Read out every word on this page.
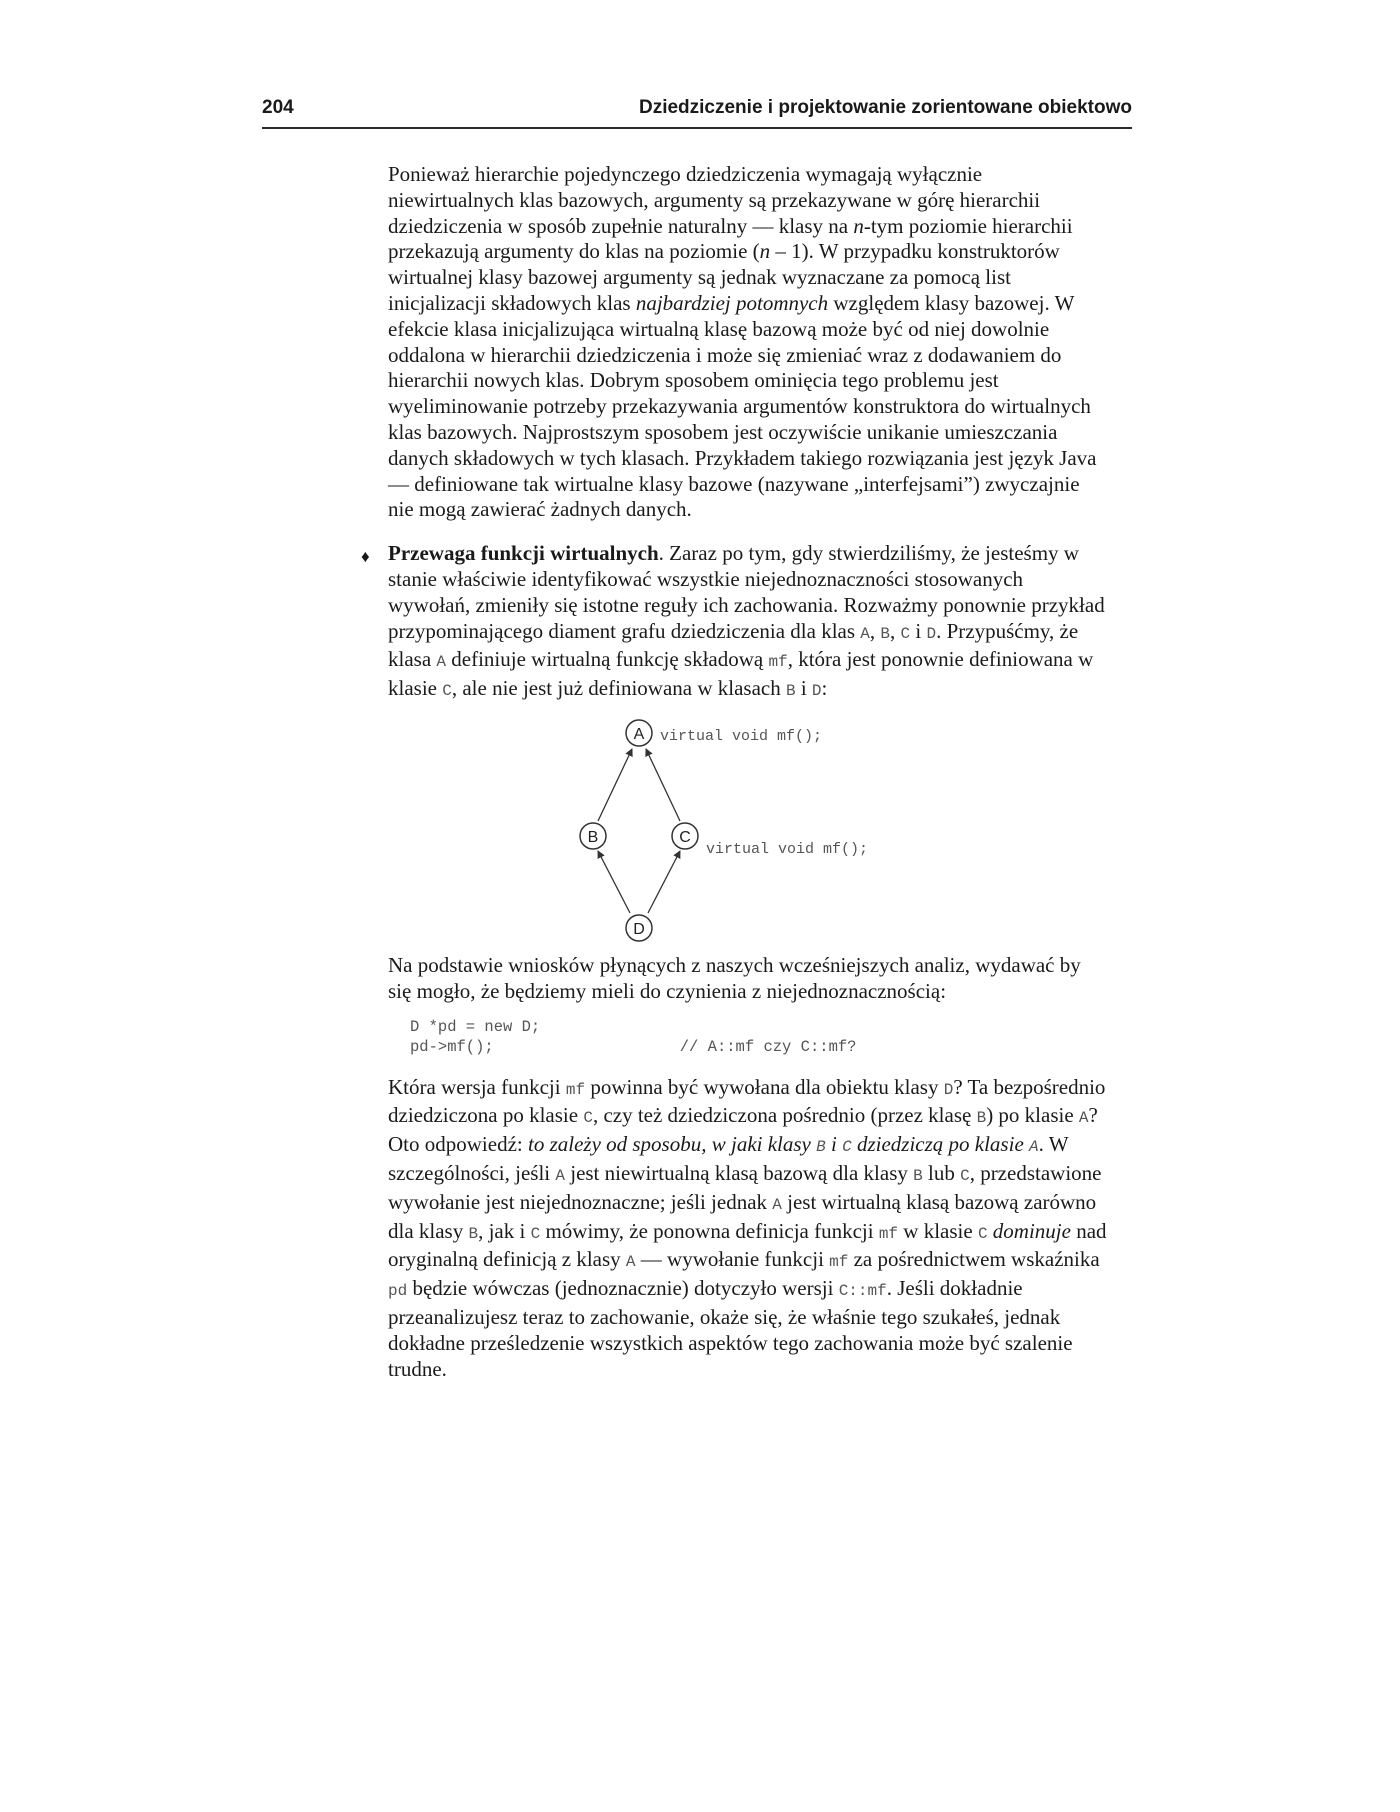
204	Dziedziczenie i projektowanie zorientowane obiektowo

Ponieważ hierarchie pojedynczego dziedziczenia wymagają wyłącznie niewirtualnych klas bazowych, argumenty są przekazywane w górę hierarchii dziedziczenia w sposób zupełnie naturalny — klasy na n-tym poziomie hierarchii przekazują argumenty do klas na poziomie (n – 1). W przypadku konstruktorów wirtualnej klasy bazowej argumenty są jednak wyznaczane za pomocą list inicjalizacji składowych klas najbardziej potomnych względem klasy bazowej. W efekcie klasa inicjalizująca wirtualną klasę bazową może być od niej dowolnie oddalona w hierarchii dziedziczenia i może się zmieniać wraz z dodawaniem do hierarchii nowych klas. Dobrym sposobem ominięcia tego problemu jest wyeliminowanie potrzeby przekazywania argumentów konstruktora do wirtualnych klas bazowych. Najprostszym sposobem jest oczywiście unikanie umieszczania danych składowych w tych klasach. Przykładem takiego rozwiązania jest język Java — definiowane tak wirtualne klasy bazowe (nazywane „interfejsami”) zwyczajnie nie mogą zawierać żadnych danych.

♦ Przewaga funkcji wirtualnych. Zaraz po tym, gdy stwierdziliśmy, że jesteśmy w stanie właściwie identyfikować wszystkie niejednoznaczności stosowanych wywołań, zmieniły się istotne reguły ich zachowania. Rozważmy ponownie przykład przypominającego diament grafu dziedziczenia dla klas A, B, C i D. Przypuśćmy, że klasa A definiuje wirtualną funkcję składową mf, która jest ponownie definiowana w klasie C, ale nie jest już definiowana w klasach B i D:

A
B	C
D
virtual void mf();
virtual void mf();

Na podstawie wniosków płynących z naszych wcześniejszych analiz, wydawać by się mogło, że będziemy mieli do czynienia z niejednoznacznością:

D *pd = new D;
pd->mf();                    // A::mf czy C::mf?

Która wersja funkcji mf powinna być wywołana dla obiektu klasy D? Ta bezpośrednio dziedziczona po klasie C, czy też dziedziczona pośrednio (przez klasę B) po klasie A? Oto odpowiedź: to zależy od sposobu, w jaki klasy B i C dziedziczą po klasie A. W szczególności, jeśli A jest niewirtualną klasą bazową dla klasy B lub C, przedstawione wywołanie jest niejednoznaczne; jeśli jednak A jest wirtualną klasą bazową zarówno dla klasy B, jak i C mówimy, że ponowna definicja funkcji mf w klasie C dominuje nad oryginalną definicją z klasy A — wywołanie funkcji mf za pośrednictwem wskaźnika pd będzie wówczas (jednoznacznie) dotyczyło wersji C::mf. Jeśli dokładnie przeanalizujesz teraz to zachowanie, okaże się, że właśnie tego szukałeś, jednak dokładne prześledzenie wszystkich aspektów tego zachowania może być szalenie trudne.
